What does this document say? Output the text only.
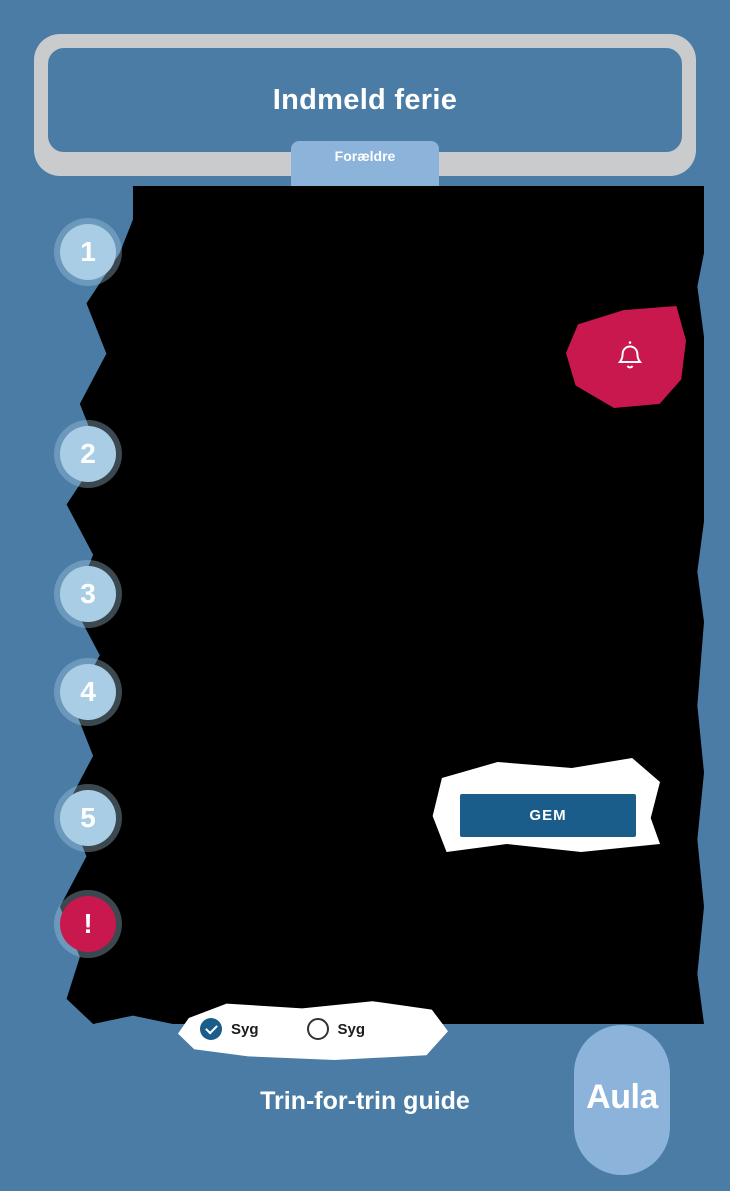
Indmeld ferie
Forældre
1
2
3
4
5
!
GEM
Syg	Syg
Trin-for-trin guide	Aula
